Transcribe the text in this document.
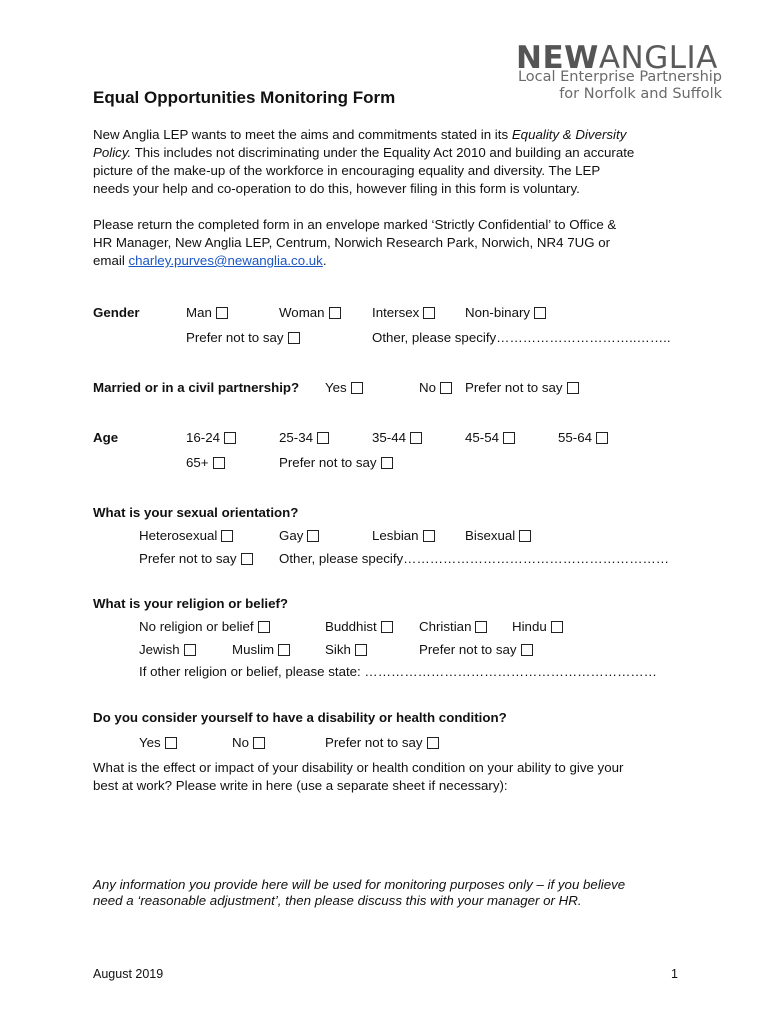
NEWANGLIA
Local Enterprise Partnership
for Norfolk and Suffolk
Equal Opportunities Monitoring Form

New Anglia LEP wants to meet the aims and commitments stated in its Equality & Diversity

Policy. This includes not discriminating under the Equality Act 2010 and building an accurate

picture of the make-up of the workforce in encouraging equality and diversity. The LEP

needs your help and co-operation to do this, however filing in this form is voluntary.

Please return the completed form in an envelope marked ‘Strictly Confidential’ to Office &

HR Manager, New Anglia LEP, Centrum, Norwich Research Park, Norwich, NR4 7UG or

email charley.purves@newanglia.co.uk.

Gender	Man	Woman	Intersex	Non-binary
Prefer not to say	Other, please specify…………………………..……..
Married or in a civil partnership? Yes	No Prefer not to say
Age	16-24	25-34	35-44	45-54	55-64
65+	Prefer not to say
What is your sexual orientation?
Heterosexual	Gay	Lesbian	Bisexual
Prefer not to say	Other, please specify……………………………………………………
What is your religion or belief?
No religion or belief	Buddhist	Christian	Hindu
Jewish	Muslim	Sikh	Prefer not to say
If other religion or belief, please state: …………………………………………………………
Do you consider yourself to have a disability or health condition?
Yes	No	Prefer not to say

What is the effect or impact of your disability or health condition on your ability to give your

best at work? Please write in here (use a separate sheet if necessary):

Any information you provide here will be used for monitoring purposes only – if you believe

need a ‘reasonable adjustment’, then please discuss this with your manager or HR.

August 2019	1
